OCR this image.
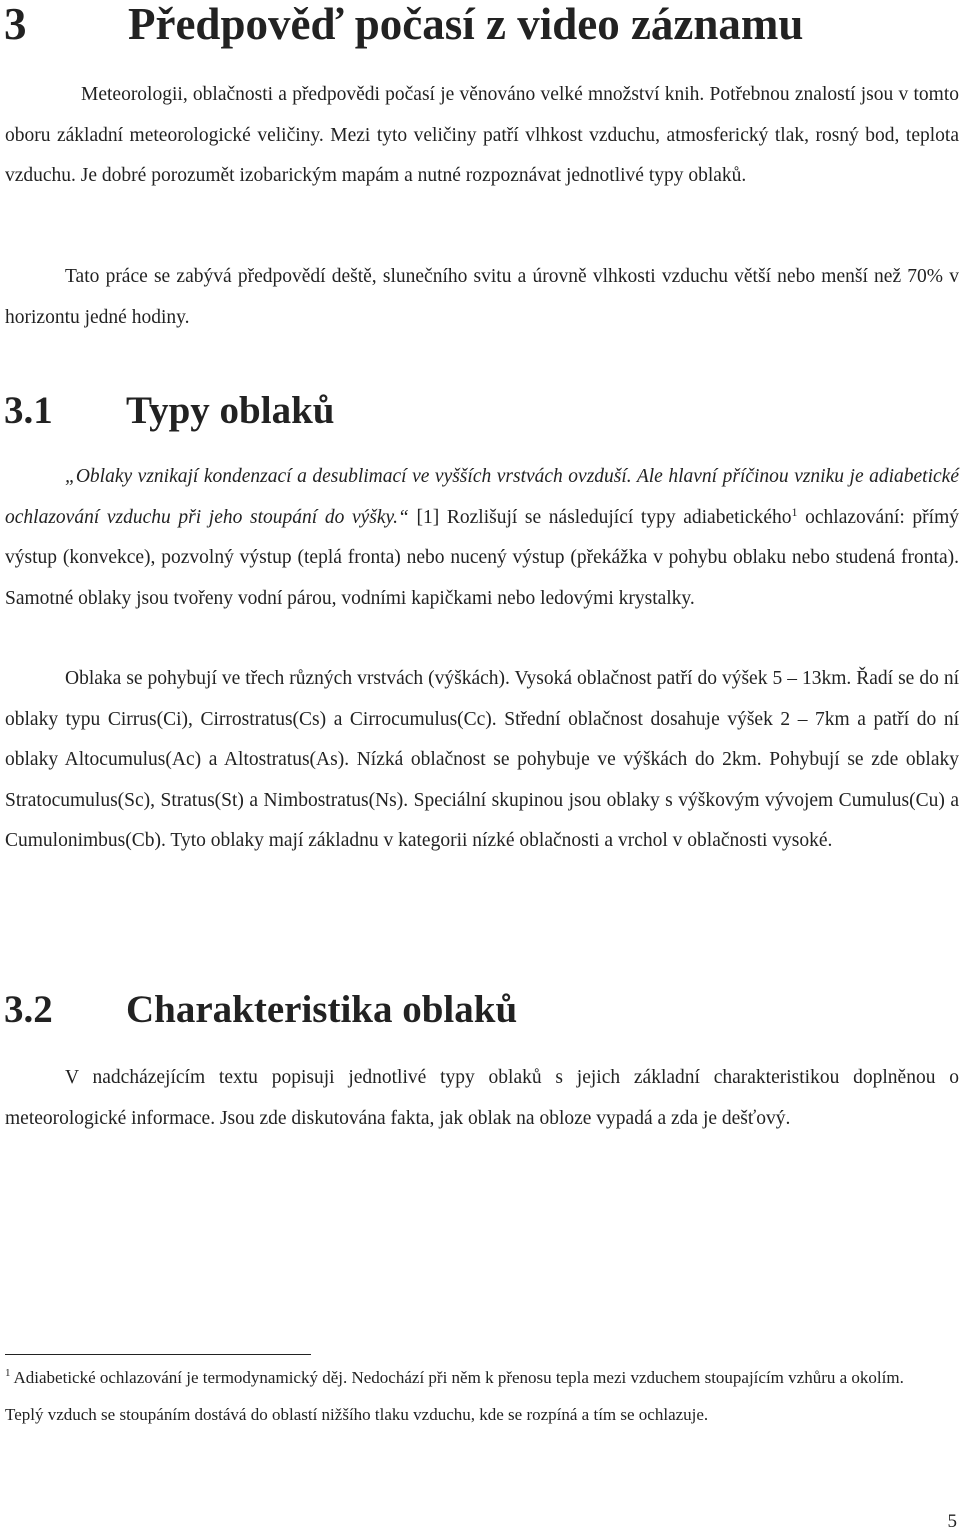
3 Předpověď počasí z video záznamu

Meteorologii, oblačnosti a předpovědi počasí je věnováno velké množství knih. Potřebnou znalostí jsou v tomto oboru základní meteorologické veličiny. Mezi tyto veličiny patří vlhkost vzduchu, atmosferický tlak, rosný bod, teplota vzduchu. Je dobré porozumět izobarickým mapám a nutné rozpoznávat jednotlivé typy oblaků.

Tato práce se zabývá předpovědí deště, slunečního svitu a úrovně vlhkosti vzduchu větší nebo menší než 70% v horizontu jedné hodiny.

3.1 Typy oblaků

„Oblaky vznikají kondenzací a desublimací ve vyšších vrstvách ovzduší. Ale hlavní příčinou vzniku je adiabetické ochlazování vzduchu při jeho stoupání do výšky.“ [1] Rozlišují se následující typy adiabetického$^1$ ochlazování: přímý výstup (konvekce), pozvolný výstup (teplá fronta) nebo nucený výstup (překážka v pohybu oblaku nebo studená fronta). Samotné oblaky jsou tvořeny vodní párou, vodními kapičkami nebo ledovými krystalky.

Oblaka se pohybují ve třech různých vrstvách (výškách). Vysoká oblačnost patří do výšek 5 – 13km. Řadí se do ní oblaky typu Cirrus(Ci), Cirrostratus(Cs) a Cirrocumulus(Cc). Střední oblačnost dosahuje výšek 2 – 7km a patří do ní oblaky Altocumulus(Ac) a Altostratus(As). Nízká oblačnost se pohybuje ve výškách do 2km. Pohybují se zde oblaky Stratocumulus(Sc), Stratus(St) a Nimbostratus(Ns). Speciální skupinou jsou oblaky s výškovým vývojem Cumulus(Cu) a Cumulonimbus(Cb). Tyto oblaky mají základnu v kategorii nízké oblačnosti a vrchol v oblačnosti vysoké.

3.2 Charakteristika oblaků

V nadcházejícím textu popisuji jednotlivé typy oblaků s jejich základní charakteristikou doplněnou o meteorologické informace. Jsou zde diskutována fakta, jak oblak na obloze vypadá a zda je dešťový.

$^1$ Adiabetické ochlazování je termodynamický děj. Nedochází při něm k přenosu tepla mezi vzduchem stoupajícím vzhůru a okolím. Teplý vzduch se stoupáním dostává do oblastí nižšího tlaku vzduchu, kde se rozpíná a tím se ochlazuje.

5
